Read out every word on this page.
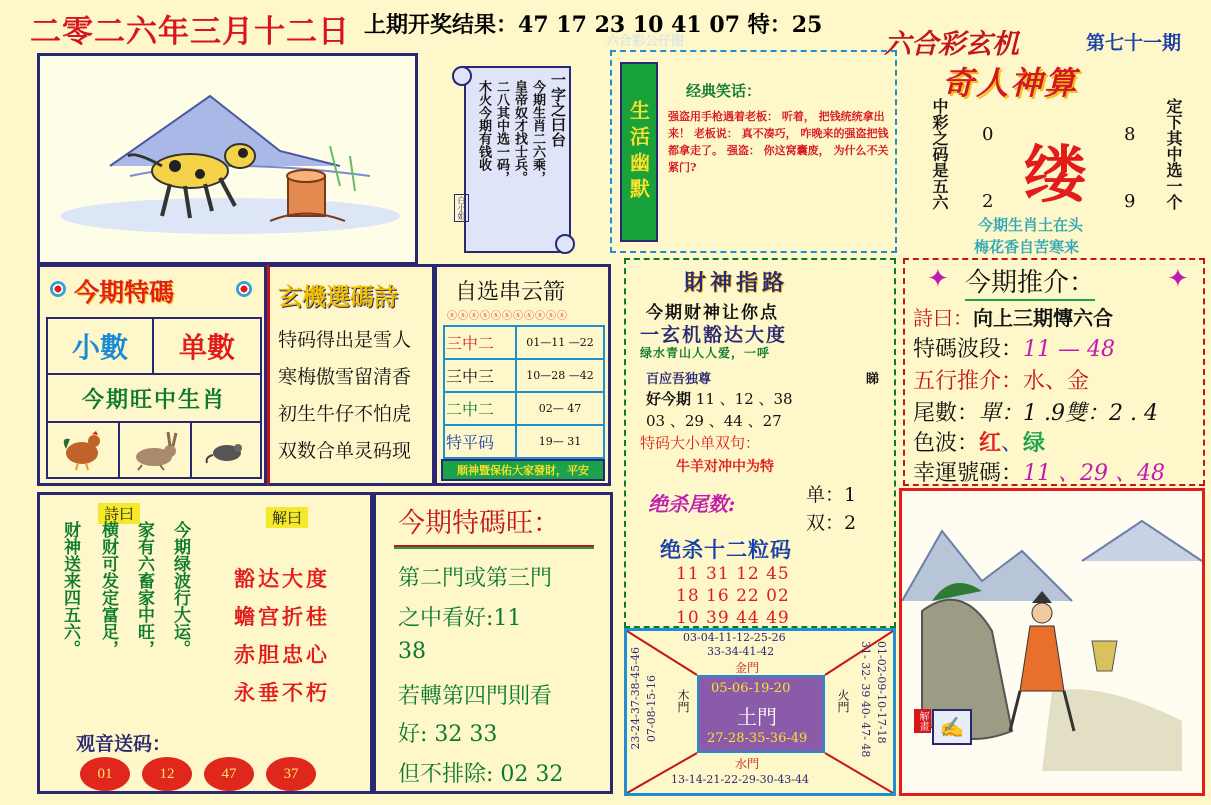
二零二六年三月十二日 上期开奖结果：47 17 23 10 41 07 特：25
六合彩公仔图	六合彩玄机	第七十一期
一字之曰台
今期生肖二六乘，
皇帝奴才找士兵。
二八其中选一码，
木火今期有钱收
白小姐
生活幽默
经典笑话：
强盗用手枪遇着老板： 听着， 把钱统统拿出来！ 老板说： 真不凑巧， 咋晚来的强盗把钱都拿走了。 强盗： 你这窝囊废， 为什么不关紧门?
奇人神算
中彩之码是五六	定下其中选一个
缕
0	8
2	9
今期生肖土在头
梅花香自苦寒来
今期特碼
小數 单數
今期旺中生肖
玄機選碼詩
特码得出是雪人
寒梅傲雪留清香
初生牛仔不怕虎
双数合单灵码现
自选串云箭
ⓢⓢⓢⓢⓢⓢⓢⓢⓢⓢⓢ
三中二	01—11 —22
三中三	10—28 —42
二中二	02— 47
特平码	19— 31
顺神暨保佑大家發財，平安
財神指路
今期财神让你点
一玄机豁达大度
绿水青山人人爱，一呼
百应吾独尊	睇
好今期 11 、12 、38
03 、29 、44 、27
特码大小单双句：
牛羊对冲中为特
绝杀尾数:	单：1
双：2
绝杀十二粒码
11 31 12 45
18 16 22 02
10 39 44 49
✦ 今期推介：	✦
詩曰：向上三期慱六合
特碼波段：11 — 48
五行推介：水、金
尾數：單：1 .9雙：2 . 4
色波：红、绿
幸運號碼：11 、29 、48
解畫 ✍
詩曰	解曰
今期绿波行大运。
家有六畜家中旺，
横财可发定富足，
财神送来四五六。	豁达大度
蟾宫折桂
赤胆忠心
永垂不朽
观音送码：
01	12	47	37
今期特碼旺：
第二門或第三門
之中看好:11
38
若轉第四門則看
好: 32 33
但不排除: 02 32
03-04-11-12-25-26
33-34-41-42
金門
木門
07-08-15-16
23-24-37-38-45-46	火門 01-02-09-10-17-18
31- 32- 39 40- 47- 48
05-06-19-20
土門
27-28-35-36-49
水門
13-14-21-22-29-30-43-44
